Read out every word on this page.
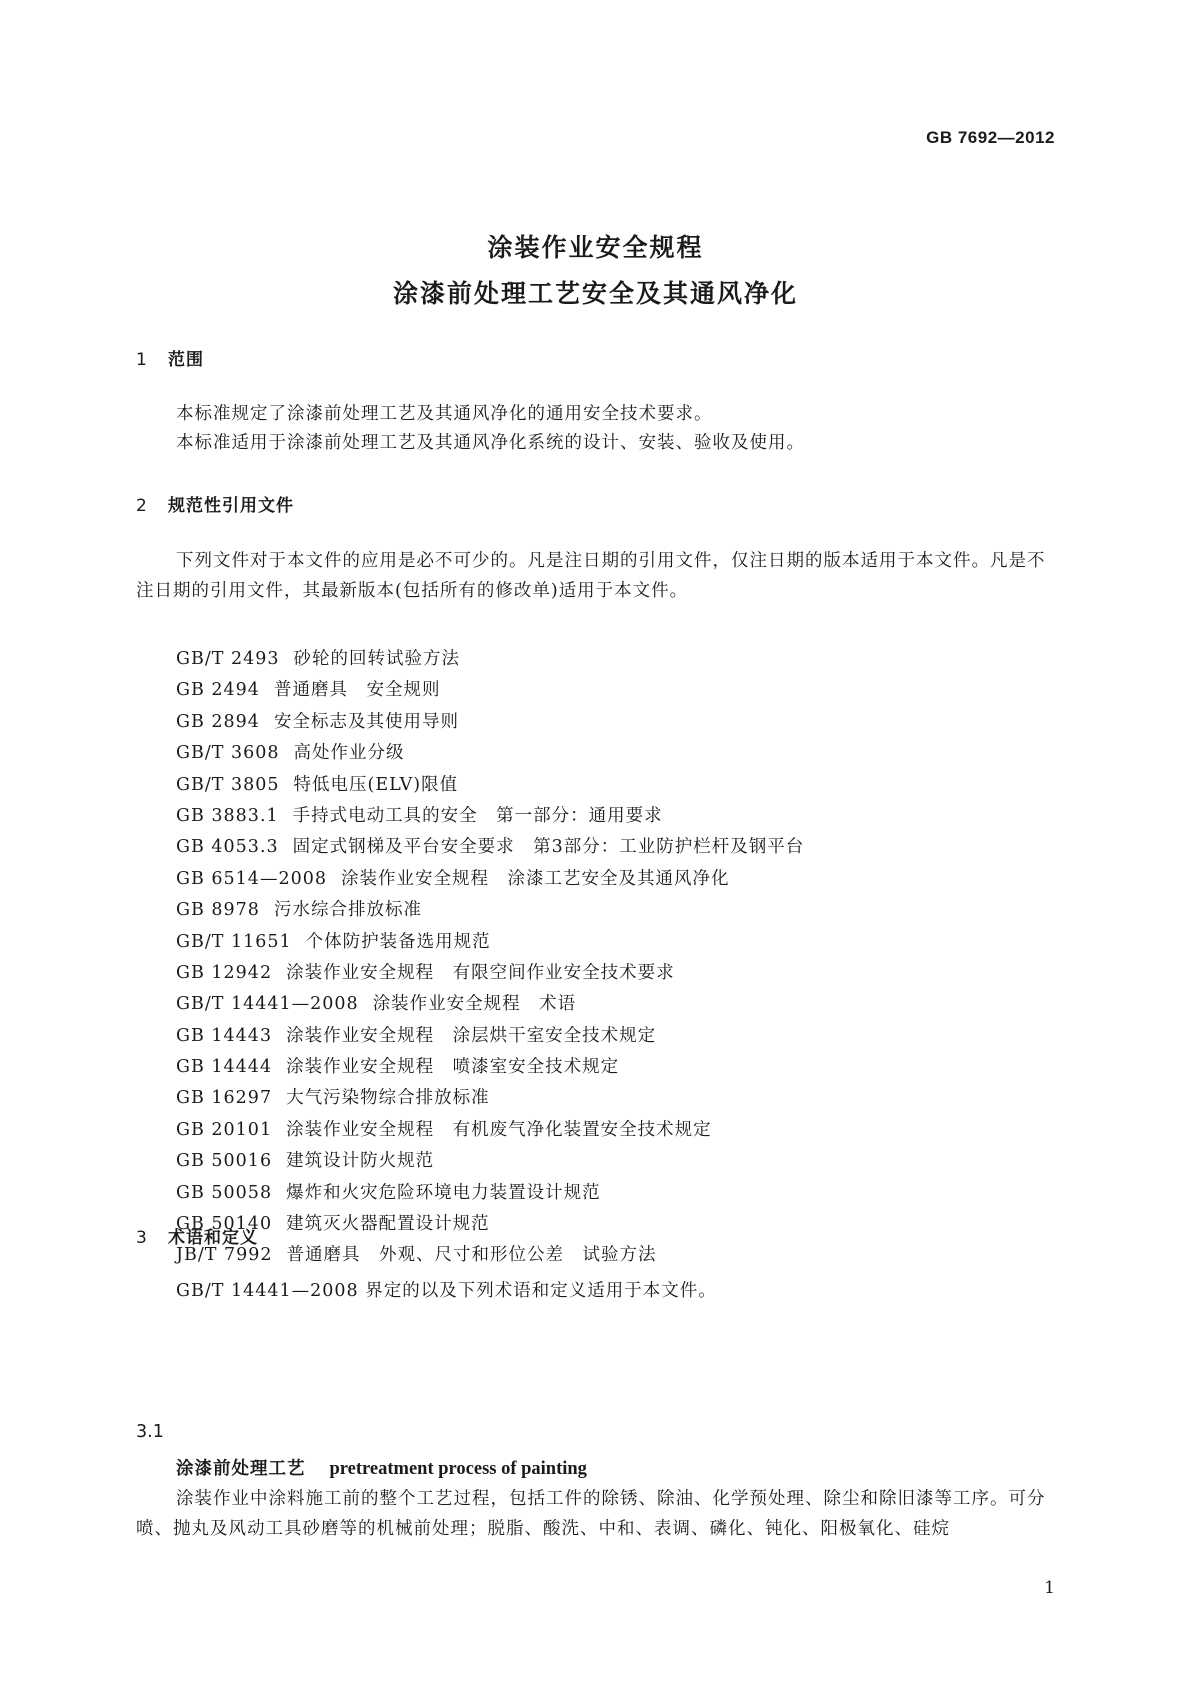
GB 7692—2012
涂装作业安全规程
涂漆前处理工艺安全及其通风净化
1 范围
本标准规定了涂漆前处理工艺及其通风净化的通用安全技术要求。
本标准适用于涂漆前处理工艺及其通风净化系统的设计、安装、验收及使用。
2 规范性引用文件
下列文件对于本文件的应用是必不可少的。凡是注日期的引用文件，仅注日期的版本适用于本文件。凡是不注日期的引用文件，其最新版本(包括所有的修改单)适用于本文件。
GB/T 2493 砂轮的回转试验方法
GB 2494 普通磨具　安全规则
GB 2894 安全标志及其使用导则
GB/T 3608 高处作业分级
GB/T 3805 特低电压(ELV)限值
GB 3883.1 手持式电动工具的安全　第一部分：通用要求
GB 4053.3 固定式钢梯及平台安全要求　第3部分：工业防护栏杆及钢平台
GB 6514—2008 涂装作业安全规程　涂漆工艺安全及其通风净化
GB 8978 污水综合排放标准
GB/T 11651 个体防护装备选用规范
GB 12942 涂装作业安全规程　有限空间作业安全技术要求
GB/T 14441—2008 涂装作业安全规程　术语
GB 14443 涂装作业安全规程　涂层烘干室安全技术规定
GB 14444 涂装作业安全规程　喷漆室安全技术规定
GB 16297 大气污染物综合排放标准
GB 20101 涂装作业安全规程　有机废气净化装置安全技术规定
GB 50016 建筑设计防火规范
GB 50058 爆炸和火灾危险环境电力装置设计规范
GB 50140 建筑灭火器配置设计规范
JB/T 7992 普通磨具　外观、尺寸和形位公差　试验方法
3 术语和定义
GB/T 14441—2008 界定的以及下列术语和定义适用于本文件。
3.1
涂漆前处理工艺 pretreatment process of painting
涂装作业中涂料施工前的整个工艺过程，包括工件的除锈、除油、化学预处理、除尘和除旧漆等工序。可分喷、抛丸及风动工具砂磨等的机械前处理；脱脂、酸洗、中和、表调、磷化、钝化、阳极氧化、硅烷
1
